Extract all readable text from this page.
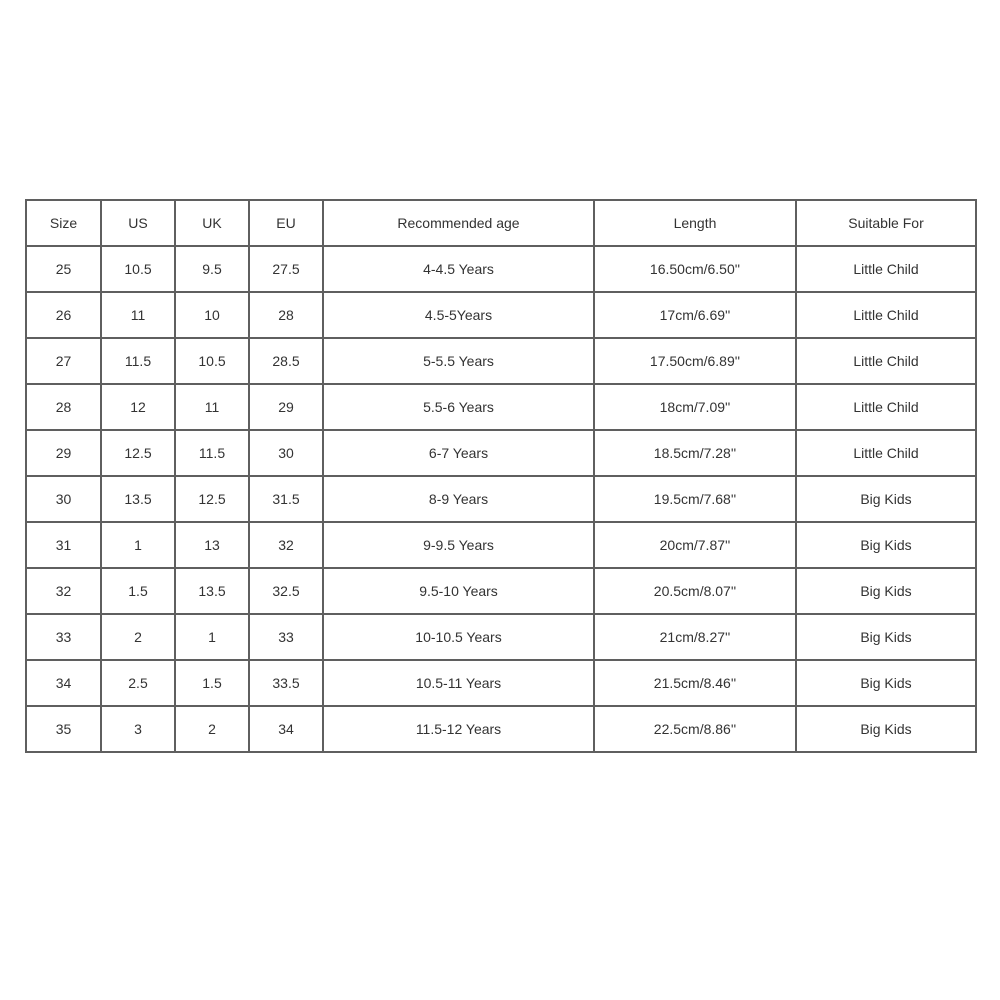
Size	US	UK	EU	Recommended age	Length	Suitable For
25	10.5	9.5	27.5	4-4.5 Years	16.50cm/6.50''	Little Child
26	11	10	28	4.5-5Years	17cm/6.69''	Little Child
27	11.5	10.5	28.5	5-5.5 Years	17.50cm/6.89''	Little Child
28	12	11	29	5.5-6 Years	18cm/7.09''	Little Child
29	12.5	11.5	30	6-7 Years	18.5cm/7.28''	Little Child
30	13.5	12.5	31.5	8-9 Years	19.5cm/7.68''	Big Kids
31	1	13	32	9-9.5 Years	20cm/7.87''	Big Kids
32	1.5	13.5	32.5	9.5-10 Years	20.5cm/8.07''	Big Kids
33	2	1	33	10-10.5 Years	21cm/8.27''	Big Kids
34	2.5	1.5	33.5	10.5-11 Years	21.5cm/8.46''	Big Kids
35	3	2	34	11.5-12 Years	22.5cm/8.86''	Big Kids
